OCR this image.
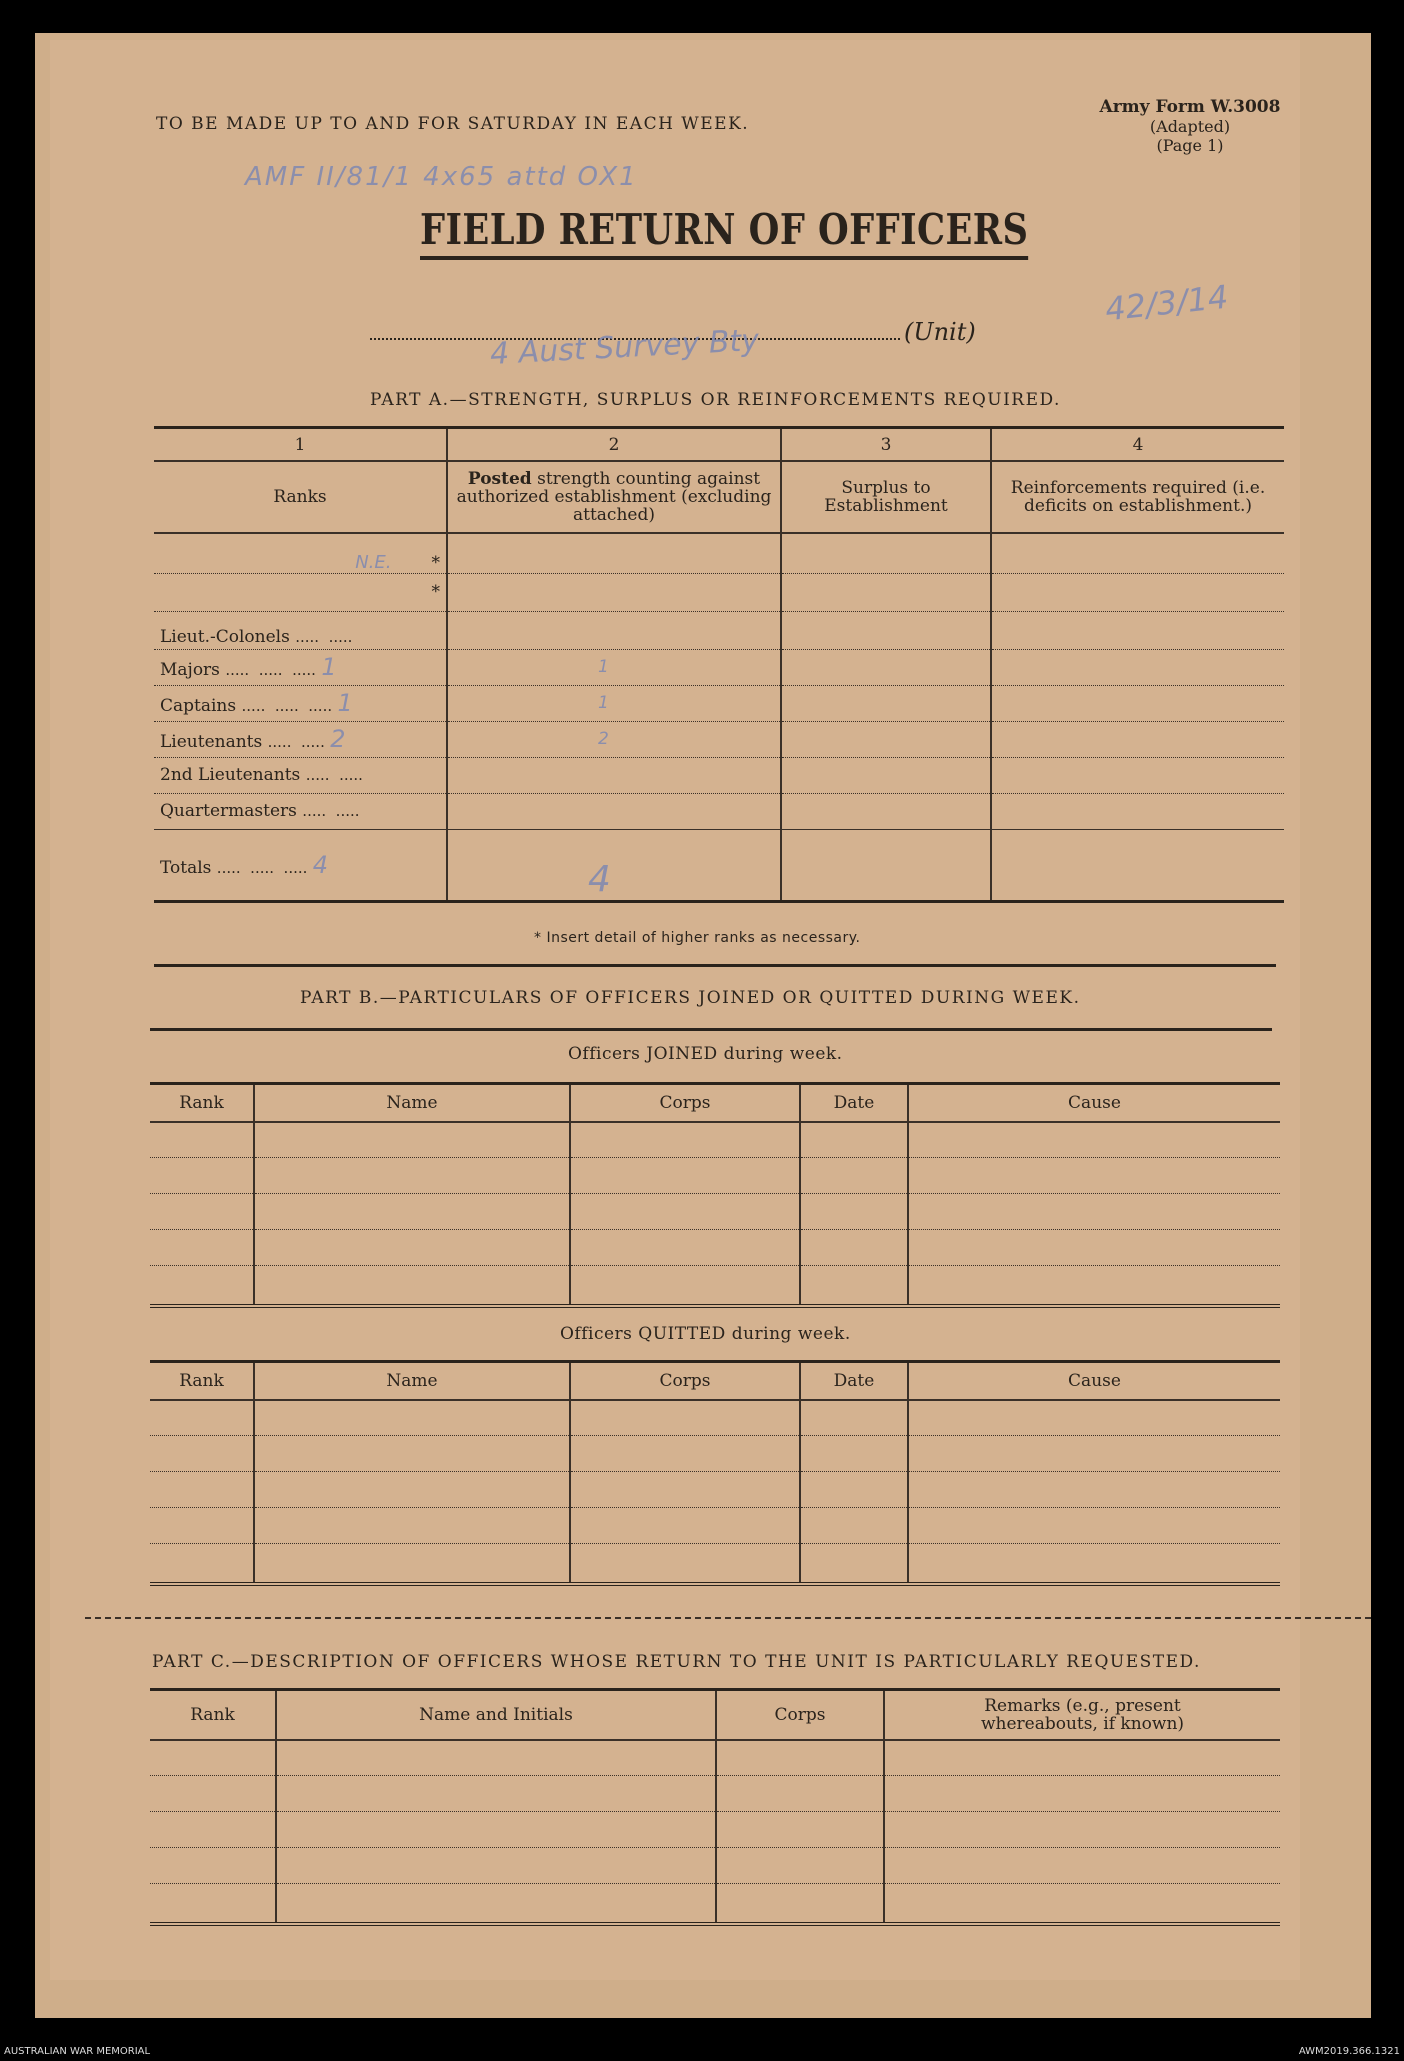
TO BE MADE UP TO AND FOR SATURDAY IN EACH WEEK.
Army Form W.3008
(Adapted)
(Page 1)
AMF II/81/1 4x65 attd OX1
42/3/14
FIELD RETURN OF OFFICERS
(Unit)
4 Aust Survey Bty
PART A.—STRENGTH, SURPLUS OR REINFORCEMENTS REQUIRED.
1	2	3	4
Ranks	Posted strength counting against authorized establishment (excluding attached)	Surplus to Establishment	Reinforcements required (i.e. deficits on establishment.)
N.E. *			
*			
Lieut.-Colonels .....  .....			
Majors .....  .....  ..... 1	1		
Captains .....  .....  ..... 1	1		
Lieutenants .....  ..... 2	2		
2nd Lieutenants .....  .....			
Quartermasters .....  .....			
Totals .....  .....  ..... 4	4		
* Insert detail of higher ranks as necessary.
PART B.—PARTICULARS OF OFFICERS JOINED OR QUITTED DURING WEEK.
Officers JOINED during week.
Rank	Name	Corps	Date	Cause

Officers QUITTED during week.
Rank	Name	Corps	Date	Cause

PART C.—DESCRIPTION OF OFFICERS WHOSE RETURN TO THE UNIT IS PARTICULARLY REQUESTED.
Rank	Name and Initials	Corps	Remarks (e.g., present whereabouts, if known)

AUSTRALIAN WAR MEMORIAL	AWM2019.366.1321
